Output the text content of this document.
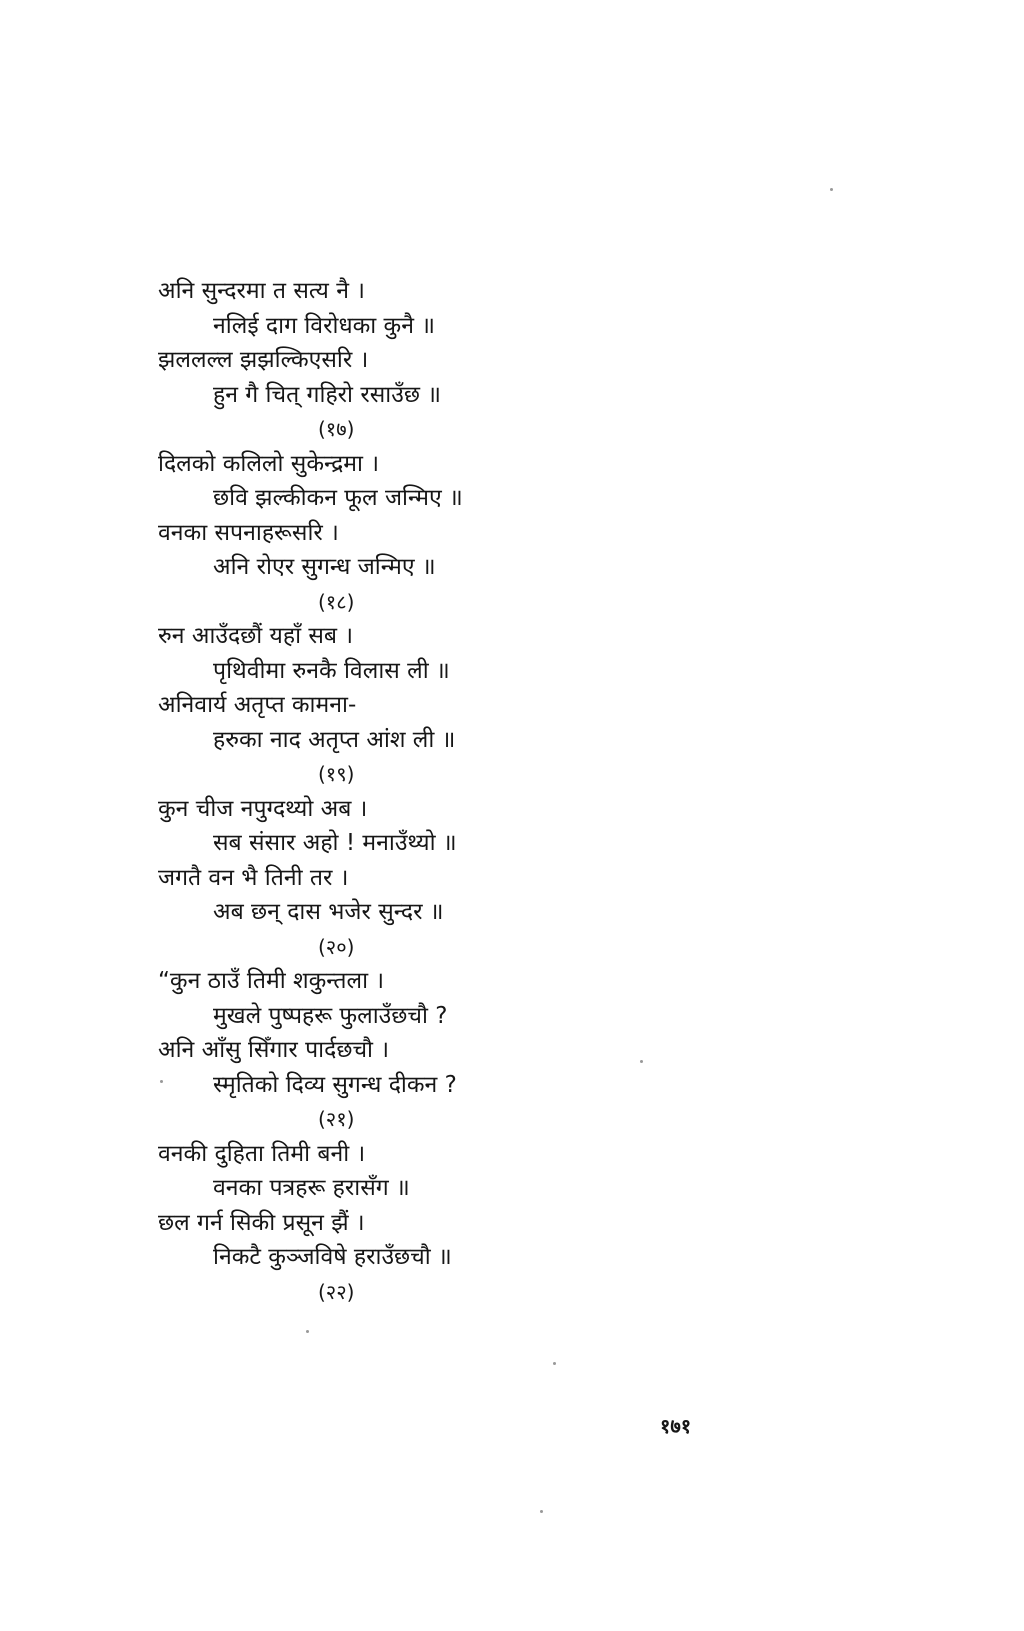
अनि सुन्दरमा त सत्य नै ।
नलिई दाग विरोधका कुनै ॥
झललल्ल झझल्किएसरि ।
हुन गै चित् गहिरो रसाउँछ ॥
(१७)
दिलको कलिलो सुकेन्द्रमा ।
छवि झल्कीकन फूल जन्मिए ॥
वनका सपनाहरूसरि ।
अनि रोएर सुगन्ध जन्मिए ॥
(१८)
रुन आउँदछौं यहाँ सब ।
पृथिवीमा रुनकै विलास ली ॥
अनिवार्य अतृप्त कामना-
हरुका नाद अतृप्त आंश ली ॥
(१९)
कुन चीज नपुग्दथ्यो अब ।
सब संसार अहो ! मनाउँथ्यो ॥
जगतै वन भै तिनी तर ।
अब छन् दास भजेर सुन्दर ॥
(२०)
“कुन ठाउँ तिमी शकुन्तला ।
मुखले पुष्पहरू फुलाउँछचौ ?
अनि आँसु सिँगार पार्दछचौ ।
स्मृतिको दिव्य सुगन्ध दीकन ?
(२१)
वनकी दुहिता तिमी बनी ।
वनका पत्रहरू हरासँग ॥
छल गर्न सिकी प्रसून झैं ।
निकटै कुञ्जविषे हराउँछचौ ॥
(२२)
१७१
